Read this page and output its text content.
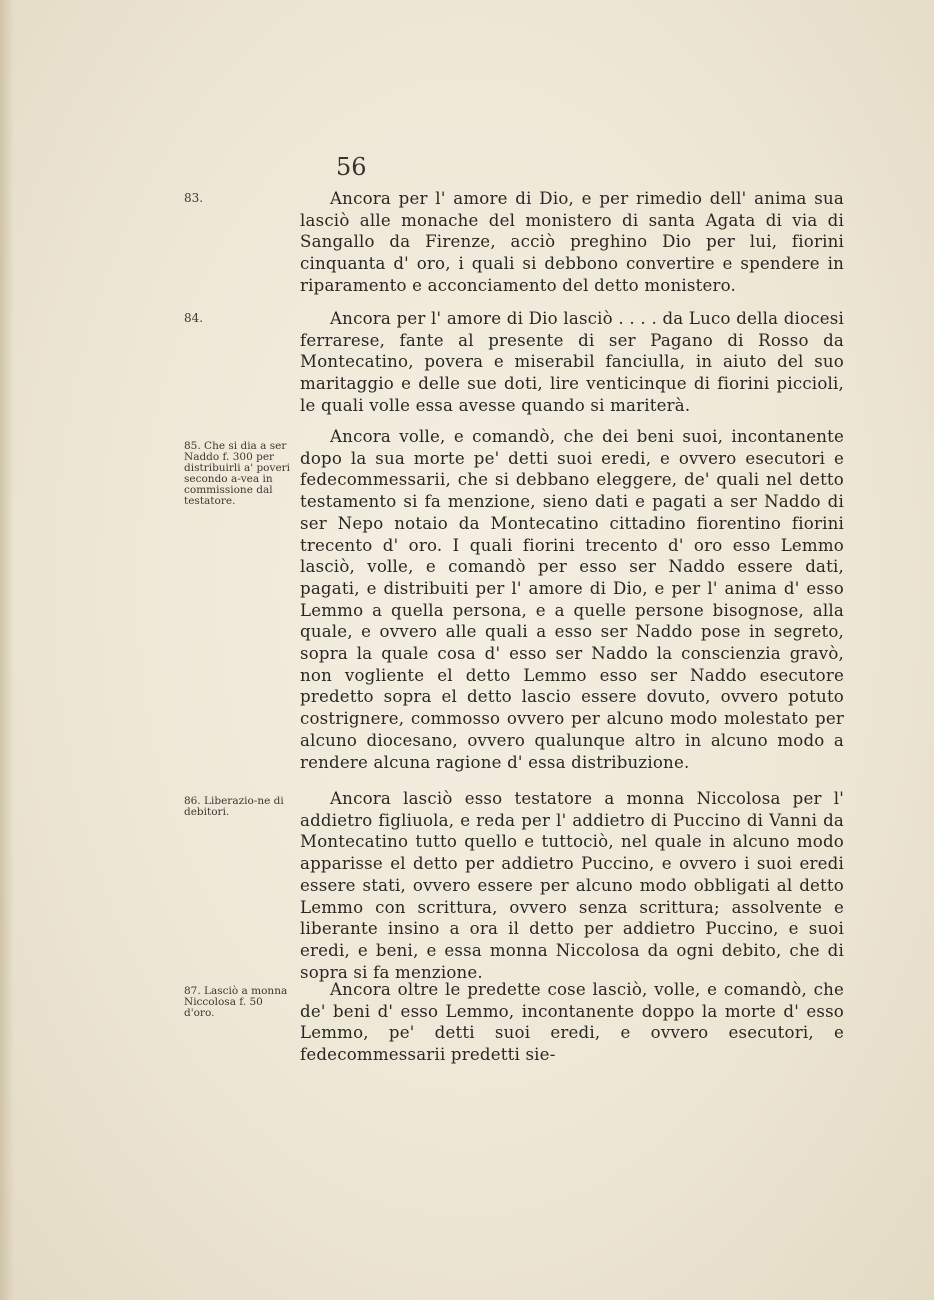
56
83.
84.
85. Che si dia a ser Naddo f. 300 per distribuirli a' poveri secondo a-vea in commissione dal testatore.
86. Liberazio-ne di debitori.
87. Lasciò a monna Niccolosa f. 50 d'oro.

Ancora per l' amore di Dio, e per rimedio dell' anima sua lasciò alle monache del monistero di santa Agata di via di Sangallo da Firenze, acciò preghino Dio per lui, fiorini cinquanta d' oro, i quali si debbono convertire e spendere in riparamento e acconciamento del detto monistero.

Ancora per l' amore di Dio lasciò . . . . da Luco della diocesi ferrarese, fante al presente di ser Pagano di Rosso da Montecatino, povera e miserabil fanciulla, in aiuto del suo maritaggio e delle sue doti, lire venticinque di fiorini piccioli, le quali volle essa avesse quando si mariterà.

Ancora volle, e comandò, che dei beni suoi, incontanente dopo la sua morte pe' detti suoi eredi, e ovvero esecutori e fedecommessarii, che si debbano eleggere, de' quali nel detto testamento si fa menzione, sieno dati e pagati a ser Naddo di ser Nepo notaio da Montecatino cittadino fiorentino fiorini trecento d' oro. I quali fiorini trecento d' oro esso Lemmo lasciò, volle, e comandò per esso ser Naddo essere dati, pagati, e distribuiti per l' amore di Dio, e per l' anima d' esso Lemmo a quella persona, e a quelle persone bisognose, alla quale, e ovvero alle quali a esso ser Naddo pose in segreto, sopra la quale cosa d' esso ser Naddo la conscienzia gravò, non vogliente el detto Lemmo esso ser Naddo esecutore predetto sopra el detto lascio essere dovuto, ovvero potuto costrignere, commosso ovvero per alcuno modo molestato per alcuno diocesano, ovvero qualunque altro in alcuno modo a rendere alcuna ragione d' essa distribuzione.

Ancora lasciò esso testatore a monna Niccolosa per l' addietro figliuola, e reda per l' addietro di Puccino di Vanni da Montecatino tutto quello e tuttociò, nel quale in alcuno modo apparisse el detto per addietro Puccino, e ovvero i suoi eredi essere stati, ovvero essere per alcuno modo obbligati al detto Lemmo con scrittura, ovvero senza scrittura; assolvente e liberante insino a ora il detto per addietro Puccino, e suoi eredi, e beni, e essa monna Niccolosa da ogni debito, che di sopra si fa menzione.

Ancora oltre le predette cose lasciò, volle, e comandò, che de' beni d' esso Lemmo, incontanente doppo la morte d' esso Lemmo, pe' detti suoi eredi, e ovvero esecutori, e fedecommessarii predetti sie-
